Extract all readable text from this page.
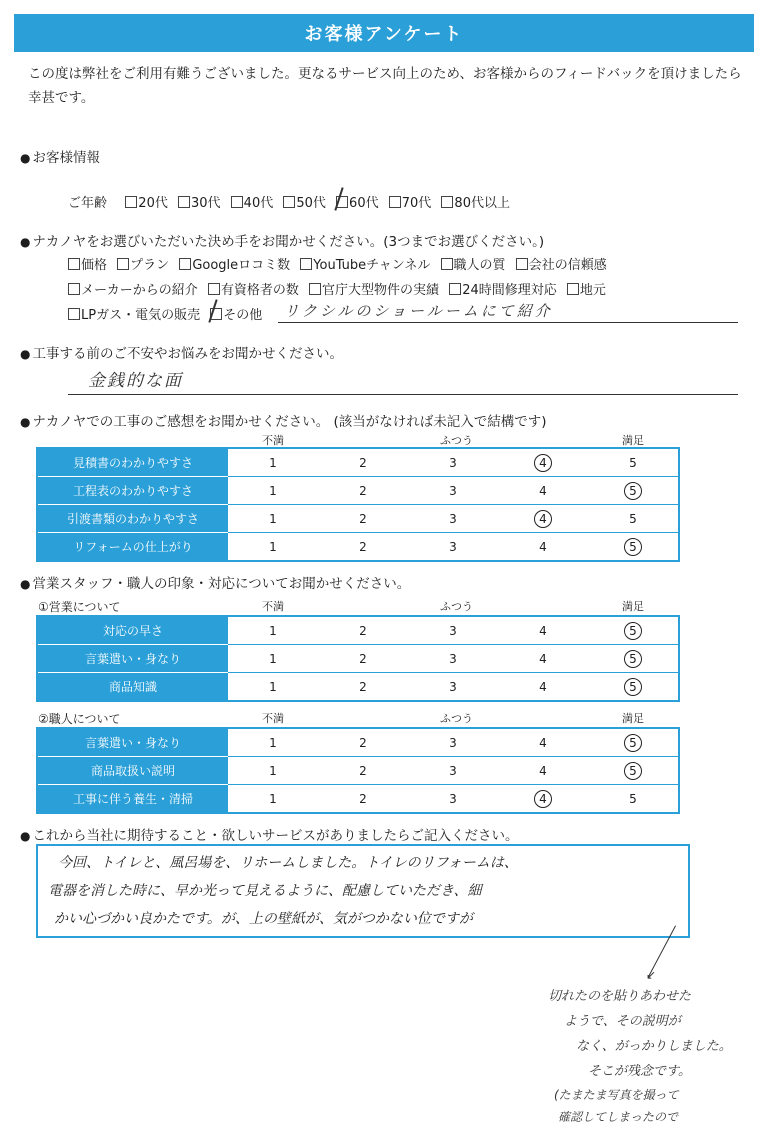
お客様アンケート
この度は弊社をご利用有難うございました。更なるサービス向上のため、お客様からのフィードバックを頂けましたら幸甚です。
● お客様情報
ご年齢 20代 30代 40代 50代 60代 70代 80代以上
● ナカノヤをお選びいただいた決め手をお聞かせください。(3つまでお選びください。)
価格 プラン Googleロコミ数 YouTubeチャンネル 職人の質 会社の信頼感
メーカーからの紹介 有資格者の数 官庁大型物件の実績 24時間修理対応 地元
LPガス・電気の販売 その他	リクシルのショールームにて紹介
● 工事する前のご不安やお悩みをお聞かせください。
金銭的な面
● ナカノヤでの工事のご感想をお聞かせください。 (該当がなければ未記入で結構です)
不満	ふつう	満足
見積書のわかりやすさ	1	2	3	4	5
工程表のわかりやすさ	1	2	3	4	5
引渡書類のわかりやすさ	1	2	3	4	5
リフォームの仕上がり	1	2	3	4	5
● 営業スタッフ・職人の印象・対応についてお聞かせください。
①営業について	不満	ふつう	満足
対応の早さ	1	2	3	4	5
言葉遣い・身なり	1	2	3	4	5
商品知識	1	2	3	4	5
②職人について	不満	ふつう	満足
言葉遣い・身なり	1	2	3	4	5
商品取扱い説明	1	2	3	4	5
工事に伴う養生・清掃	1	2	3	4	5
● これから当社に期待すること・欲しいサービスがありましたらご記入ください。
今回、トイレと、風呂場を、リホームしました。トイレのリフォームは、
電器を消した時に、早か光って見えるように、配慮していただき、細
かい心づかい良かたです。が、上の壁紙が、気がつかない位ですが
↙
切れたのを貼りあわせた
ようで、その説明が
なく、がっかりしました。
そこが残念です。
(たまたま写真を撮って
確認してしまったので
